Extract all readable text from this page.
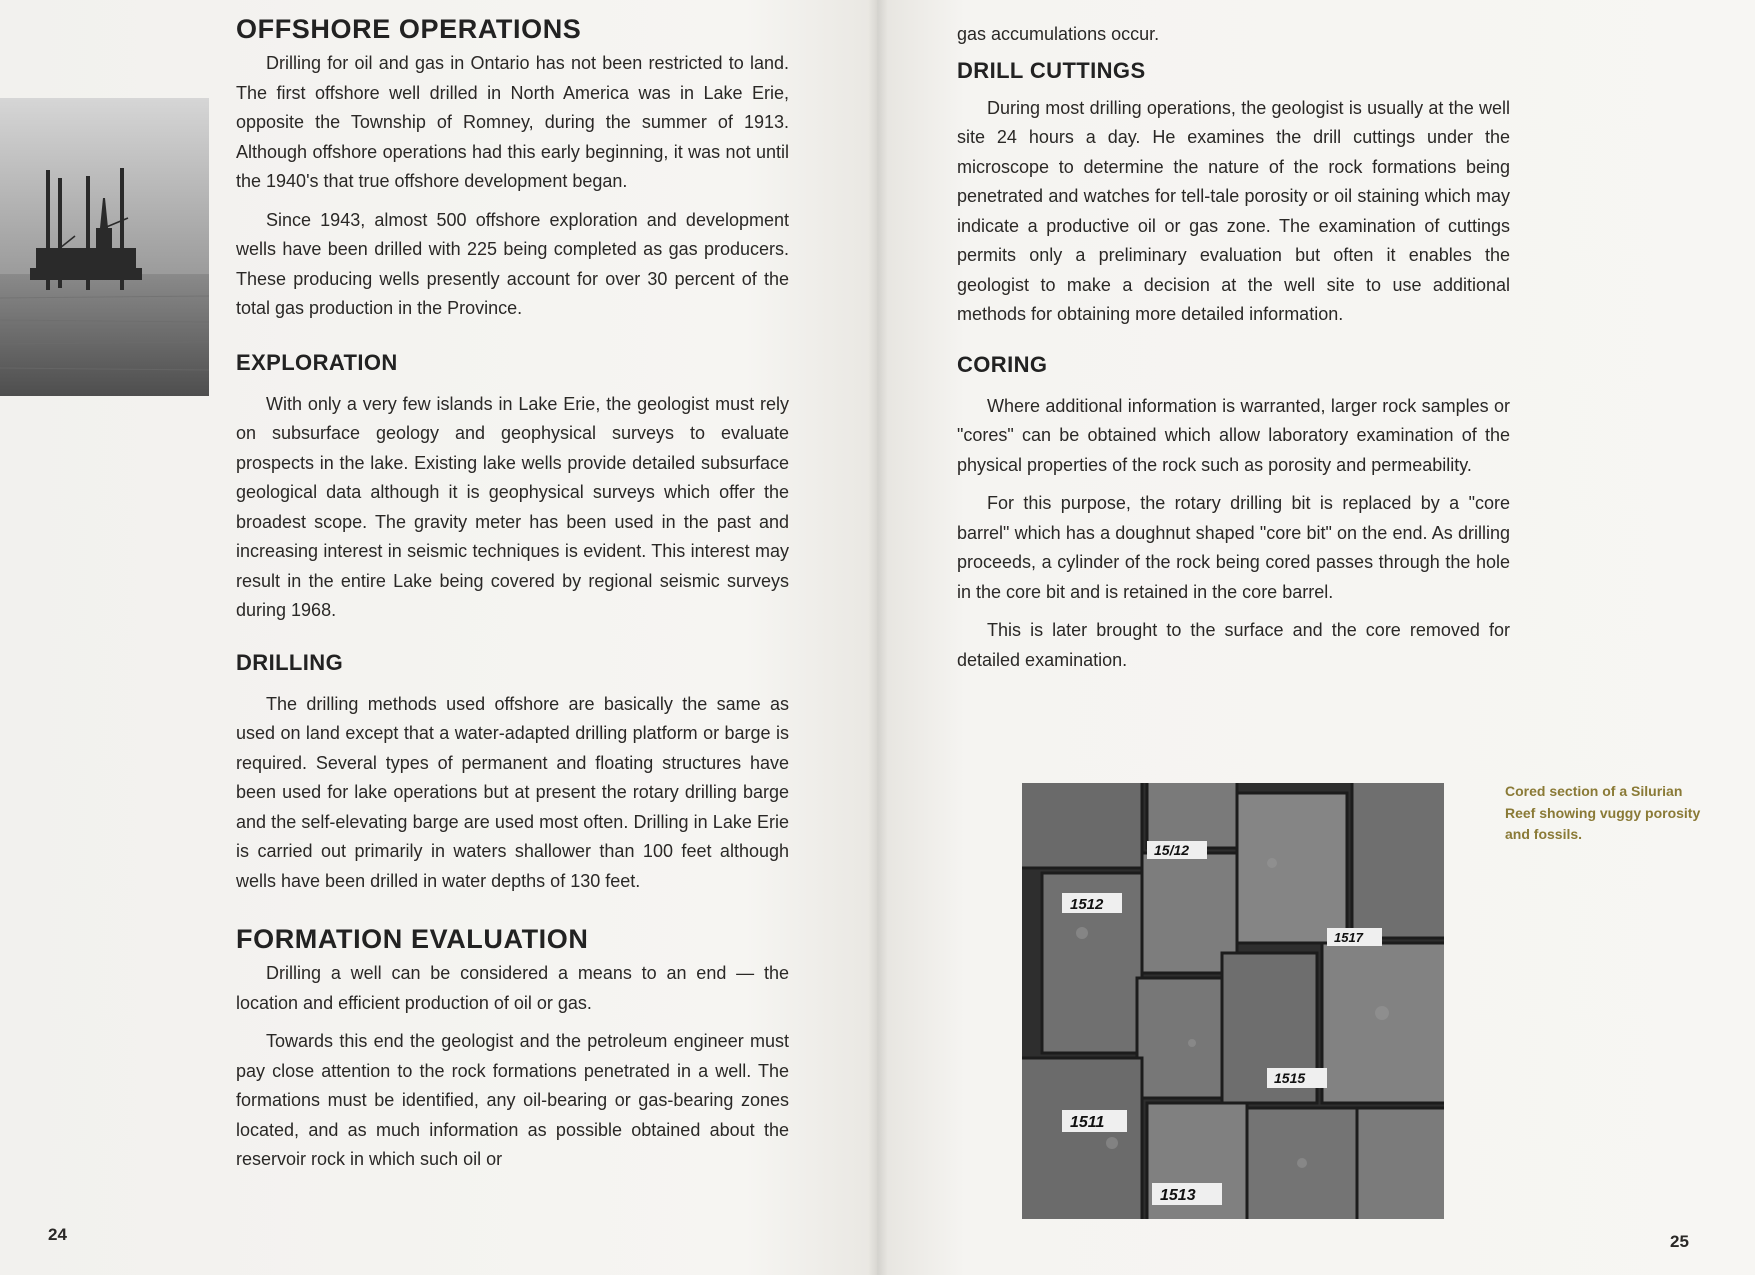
OFFSHORE OPERATIONS

Drilling for oil and gas in Ontario has not been restricted to land. The first offshore well drilled in North America was in Lake Erie, opposite the Township of Romney, during the summer of 1913. Although offshore operations had this early beginning, it was not until the 1940's that true offshore development began.

Since 1943, almost 500 offshore exploration and development wells have been drilled with 225 being completed as gas producers. These producing wells presently account for over 30 percent of the total gas production in the Province.

EXPLORATION

With only a very few islands in Lake Erie, the geologist must rely on subsurface geology and geophysical surveys to evaluate prospects in the lake. Existing lake wells provide detailed subsurface geological data although it is geophysical surveys which offer the broadest scope. The gravity meter has been used in the past and increasing interest in seismic techniques is evident. This interest may result in the entire Lake being covered by regional seismic surveys during 1968.

DRILLING

The drilling methods used offshore are basically the same as used on land except that a water-adapted drilling platform or barge is required. Several types of permanent and floating structures have been used for lake operations but at present the rotary drilling barge and the self-elevating barge are used most often. Drilling in Lake Erie is carried out primarily in waters shallower than 100 feet although wells have been drilled in water depths of 130 feet.

FORMATION EVALUATION

Drilling a well can be considered a means to an end — the location and efficient production of oil or gas.

Towards this end the geologist and the petroleum engineer must pay close attention to the rock formations penetrated in a well. The formations must be identified, any oil-bearing or gas-bearing zones located, and as much information as possible obtained about the reservoir rock in which such oil or

24

gas accumulations occur.

DRILL CUTTINGS

During most drilling operations, the geologist is usually at the well site 24 hours a day. He examines the drill cuttings under the microscope to determine the nature of the rock formations being penetrated and watches for tell-tale porosity or oil staining which may indicate a productive oil or gas zone. The examination of cuttings permits only a preliminary evaluation but often it enables the geologist to make a decision at the well site to use additional methods for obtaining more detailed information.

CORING

Where additional information is warranted, larger rock samples or "cores" can be obtained which allow laboratory examination of the physical properties of the rock such as porosity and permeability.

For this purpose, the rotary drilling bit is replaced by a "core barrel" which has a doughnut shaped "core bit" on the end. As drilling proceeds, a cylinder of the rock being cored passes through the hole in the core bit and is retained in the core barrel.

This is later brought to the surface and the core removed for detailed examination.

15/12
1512
1517
1515
1511
1513
Cored section of a Silurian Reef showing vuggy porosity and fossils.
25
